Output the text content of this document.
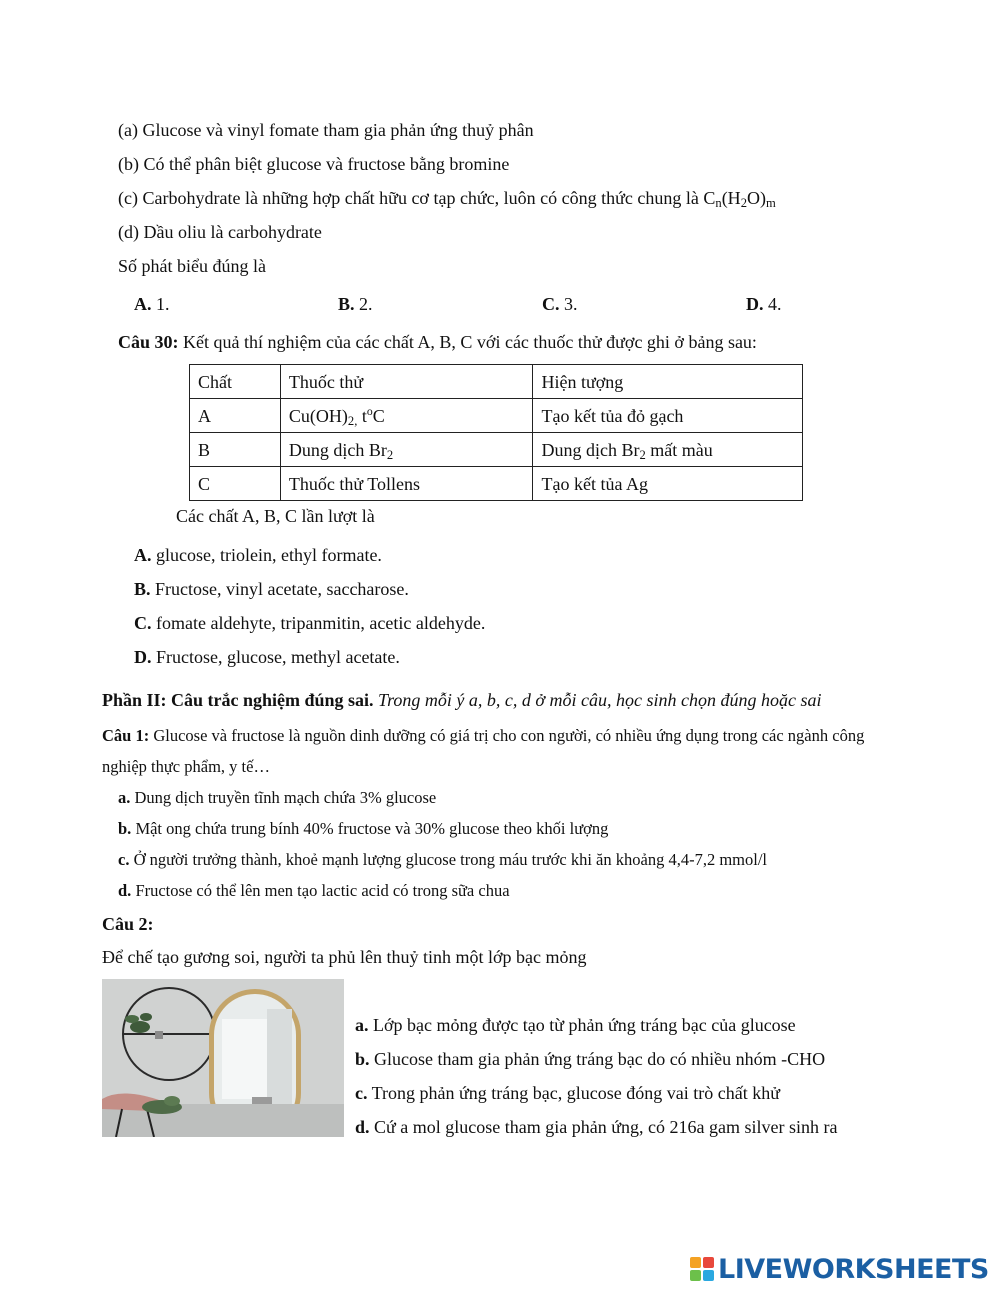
(a) Glucose và vinyl fomate tham gia phản ứng thuỷ phân
(b) Có thể phân biệt glucose và fructose bằng bromine
(c) Carbohydrate là những hợp chất hữu cơ tạp chức, luôn có công thức chung là $C_n(H_2O)_m$
(d) Dầu oliu là carbohydrate
Số phát biểu đúng là
A. 1.	B. 2.	C. 3.	D. 4.
Câu 30: Kết quả thí nghiệm của các chất A, B, C với các thuốc thử được ghi ở bảng sau:
Chất	Thuốc thử	Hiện tượng
A	$Cu(OH)_{2,}$ $t^oC$	Tạo kết tủa đỏ gạch
B	Dung dịch $Br_2$	Dung dịch $Br_2$ mất màu
C	Thuốc thử Tollens	Tạo kết tủa Ag
Các chất A, B, C lần lượt là
A. glucose, triolein, ethyl formate.
B. Fructose, vinyl acetate, saccharose.
C. fomate aldehyte, tripanmitin, acetic aldehyde.
D. Fructose, glucose, methyl acetate.
Phần II: Câu trắc nghiệm đúng sai. Trong mỗi ý a, b, c, d ở mỗi câu, học sinh chọn đúng hoặc sai
Câu 1: Glucose và fructose là nguồn dinh dưỡng có giá trị cho con người, có nhiều ứng dụng trong các ngành công
nghiệp thực phẩm, y tế…
a. Dung dịch truyền tĩnh mạch chứa 3% glucose
b. Mật ong chứa trung bính 40% fructose và 30% glucose theo khối lượng
c. Ở người trưởng thành, khoẻ mạnh lượng glucose trong máu trước khi ăn khoảng 4,4-7,2 mmol/l
d. Fructose có thể lên men tạo lactic acid có trong sữa chua
Câu 2:
Để chế tạo gương soi, người ta phủ lên thuỷ tinh một lớp bạc mỏng
a. Lớp bạc mỏng được tạo từ phản ứng tráng bạc của glucose
b. Glucose tham gia phản ứng tráng bạc do có nhiều nhóm -CHO
c. Trong phản ứng tráng bạc, glucose đóng vai trò chất khử
d. Cứ a mol glucose tham gia phản ứng, có 216a gam silver sinh ra
LIVEWORKSHEETS
